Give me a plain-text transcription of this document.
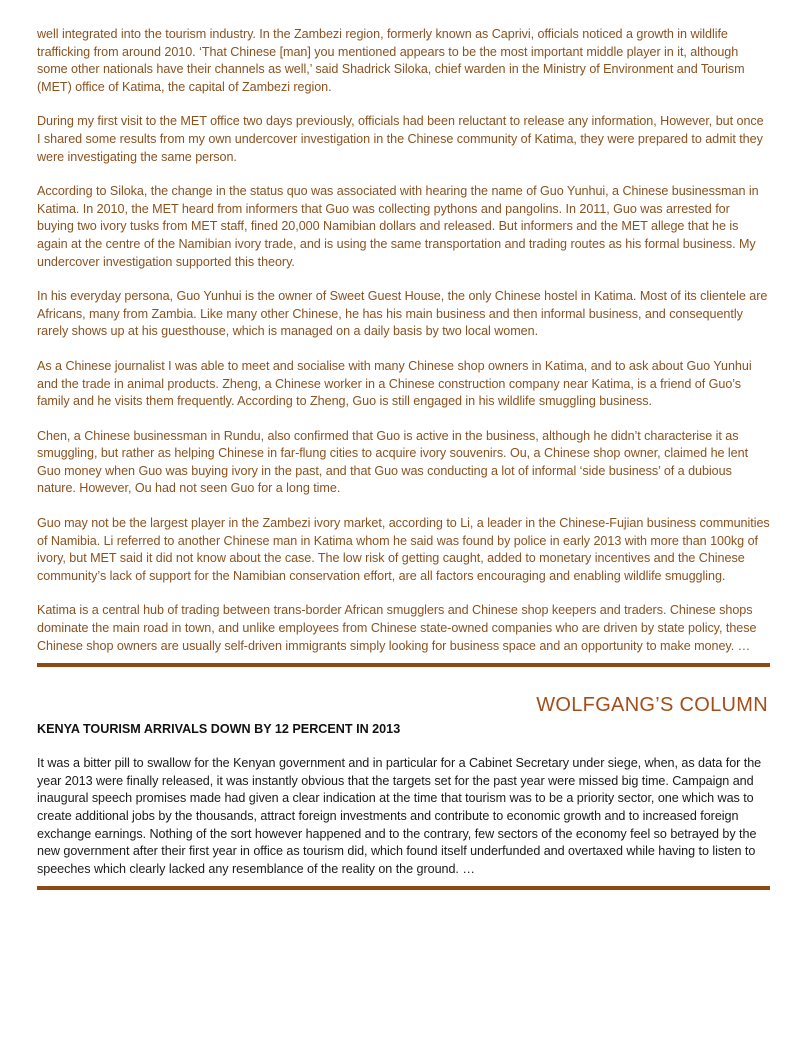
well integrated into the tourism industry. In the Zambezi region, formerly known as Caprivi, officials noticed a growth in wildlife trafficking from around 2010. ‘That Chinese [man] you mentioned appears to be the most important middle player in it, although some other nationals have their channels as well,’ said Shadrick Siloka, chief warden in the Ministry of Environment and Tourism (MET) office of Katima, the capital of Zambezi region.

During my first visit to the MET office two days previously, officials had been reluctant to release any information, However, but once I shared some results from my own undercover investigation in the Chinese community of Katima, they were prepared to admit they were investigating the same person.

According to Siloka, the change in the status quo was associated with hearing the name of Guo Yunhui, a Chinese businessman in Katima. In 2010, the MET heard from informers that Guo was collecting pythons and pangolins. In 2011, Guo was arrested for buying two ivory tusks from MET staff, fined 20,000 Namibian dollars and released. But informers and the MET allege that he is again at the centre of the Namibian ivory trade, and is using the same transportation and trading routes as his formal business. My undercover investigation supported this theory.

In his everyday persona, Guo Yunhui is the owner of Sweet Guest House, the only Chinese hostel in Katima. Most of its clientele are Africans, many from Zambia. Like many other Chinese, he has his main business and then informal business, and consequently rarely shows up at his guesthouse, which is managed on a daily basis by two local women.

As a Chinese journalist I was able to meet and socialise with many Chinese shop owners in Katima, and to ask about Guo Yunhui and the trade in animal products. Zheng, a Chinese worker in a Chinese construction company near Katima, is a friend of Guo’s family and he visits them frequently. According to Zheng, Guo is still engaged in his wildlife smuggling business.

Chen, a Chinese businessman in Rundu, also confirmed that Guo is active in the business, although he didn’t characterise it as smuggling, but rather as helping Chinese in far-flung cities to acquire ivory souvenirs. Ou, a Chinese shop owner, claimed he lent Guo money when Guo was buying ivory in the past, and that Guo was conducting a lot of informal ‘side business’ of a dubious nature. However, Ou had not seen Guo for a long time.

Guo may not be the largest player in the Zambezi ivory market, according to Li, a leader in the Chinese-Fujian business communities of Namibia. Li referred to another Chinese man in Katima whom he said was found by police in early 2013 with more than 100kg of ivory, but MET said it did not know about the case. The low risk of getting caught, added to monetary incentives and the Chinese community’s lack of support for the Namibian conservation effort, are all factors encouraging and enabling wildlife smuggling.

Katima is a central hub of trading between trans-border African smugglers and Chinese shop keepers and traders. Chinese shops dominate the main road in town, and unlike employees from Chinese state-owned companies who are driven by state policy, these Chinese shop owners are usually self-driven immigrants simply looking for business space and an opportunity to make money. …

WOLFGANG’S COLUMN
KENYA TOURISM ARRIVALS DOWN BY 12 PERCENT IN 2013

It was a bitter pill to swallow for the Kenyan government and in particular for a Cabinet Secretary under siege, when, as data for the year 2013 were finally released, it was instantly obvious that the targets set for the past year were missed big time. Campaign and inaugural speech promises made had given a clear indication at the time that tourism was to be a priority sector, one which was to create additional jobs by the thousands, attract foreign investments and contribute to economic growth and to increased foreign exchange earnings. Nothing of the sort however happened and to the contrary, few sectors of the economy feel so betrayed by the new government after their first year in office as tourism did, which found itself underfunded and overtaxed while having to listen to speeches which clearly lacked any resemblance of the reality on the ground. …
